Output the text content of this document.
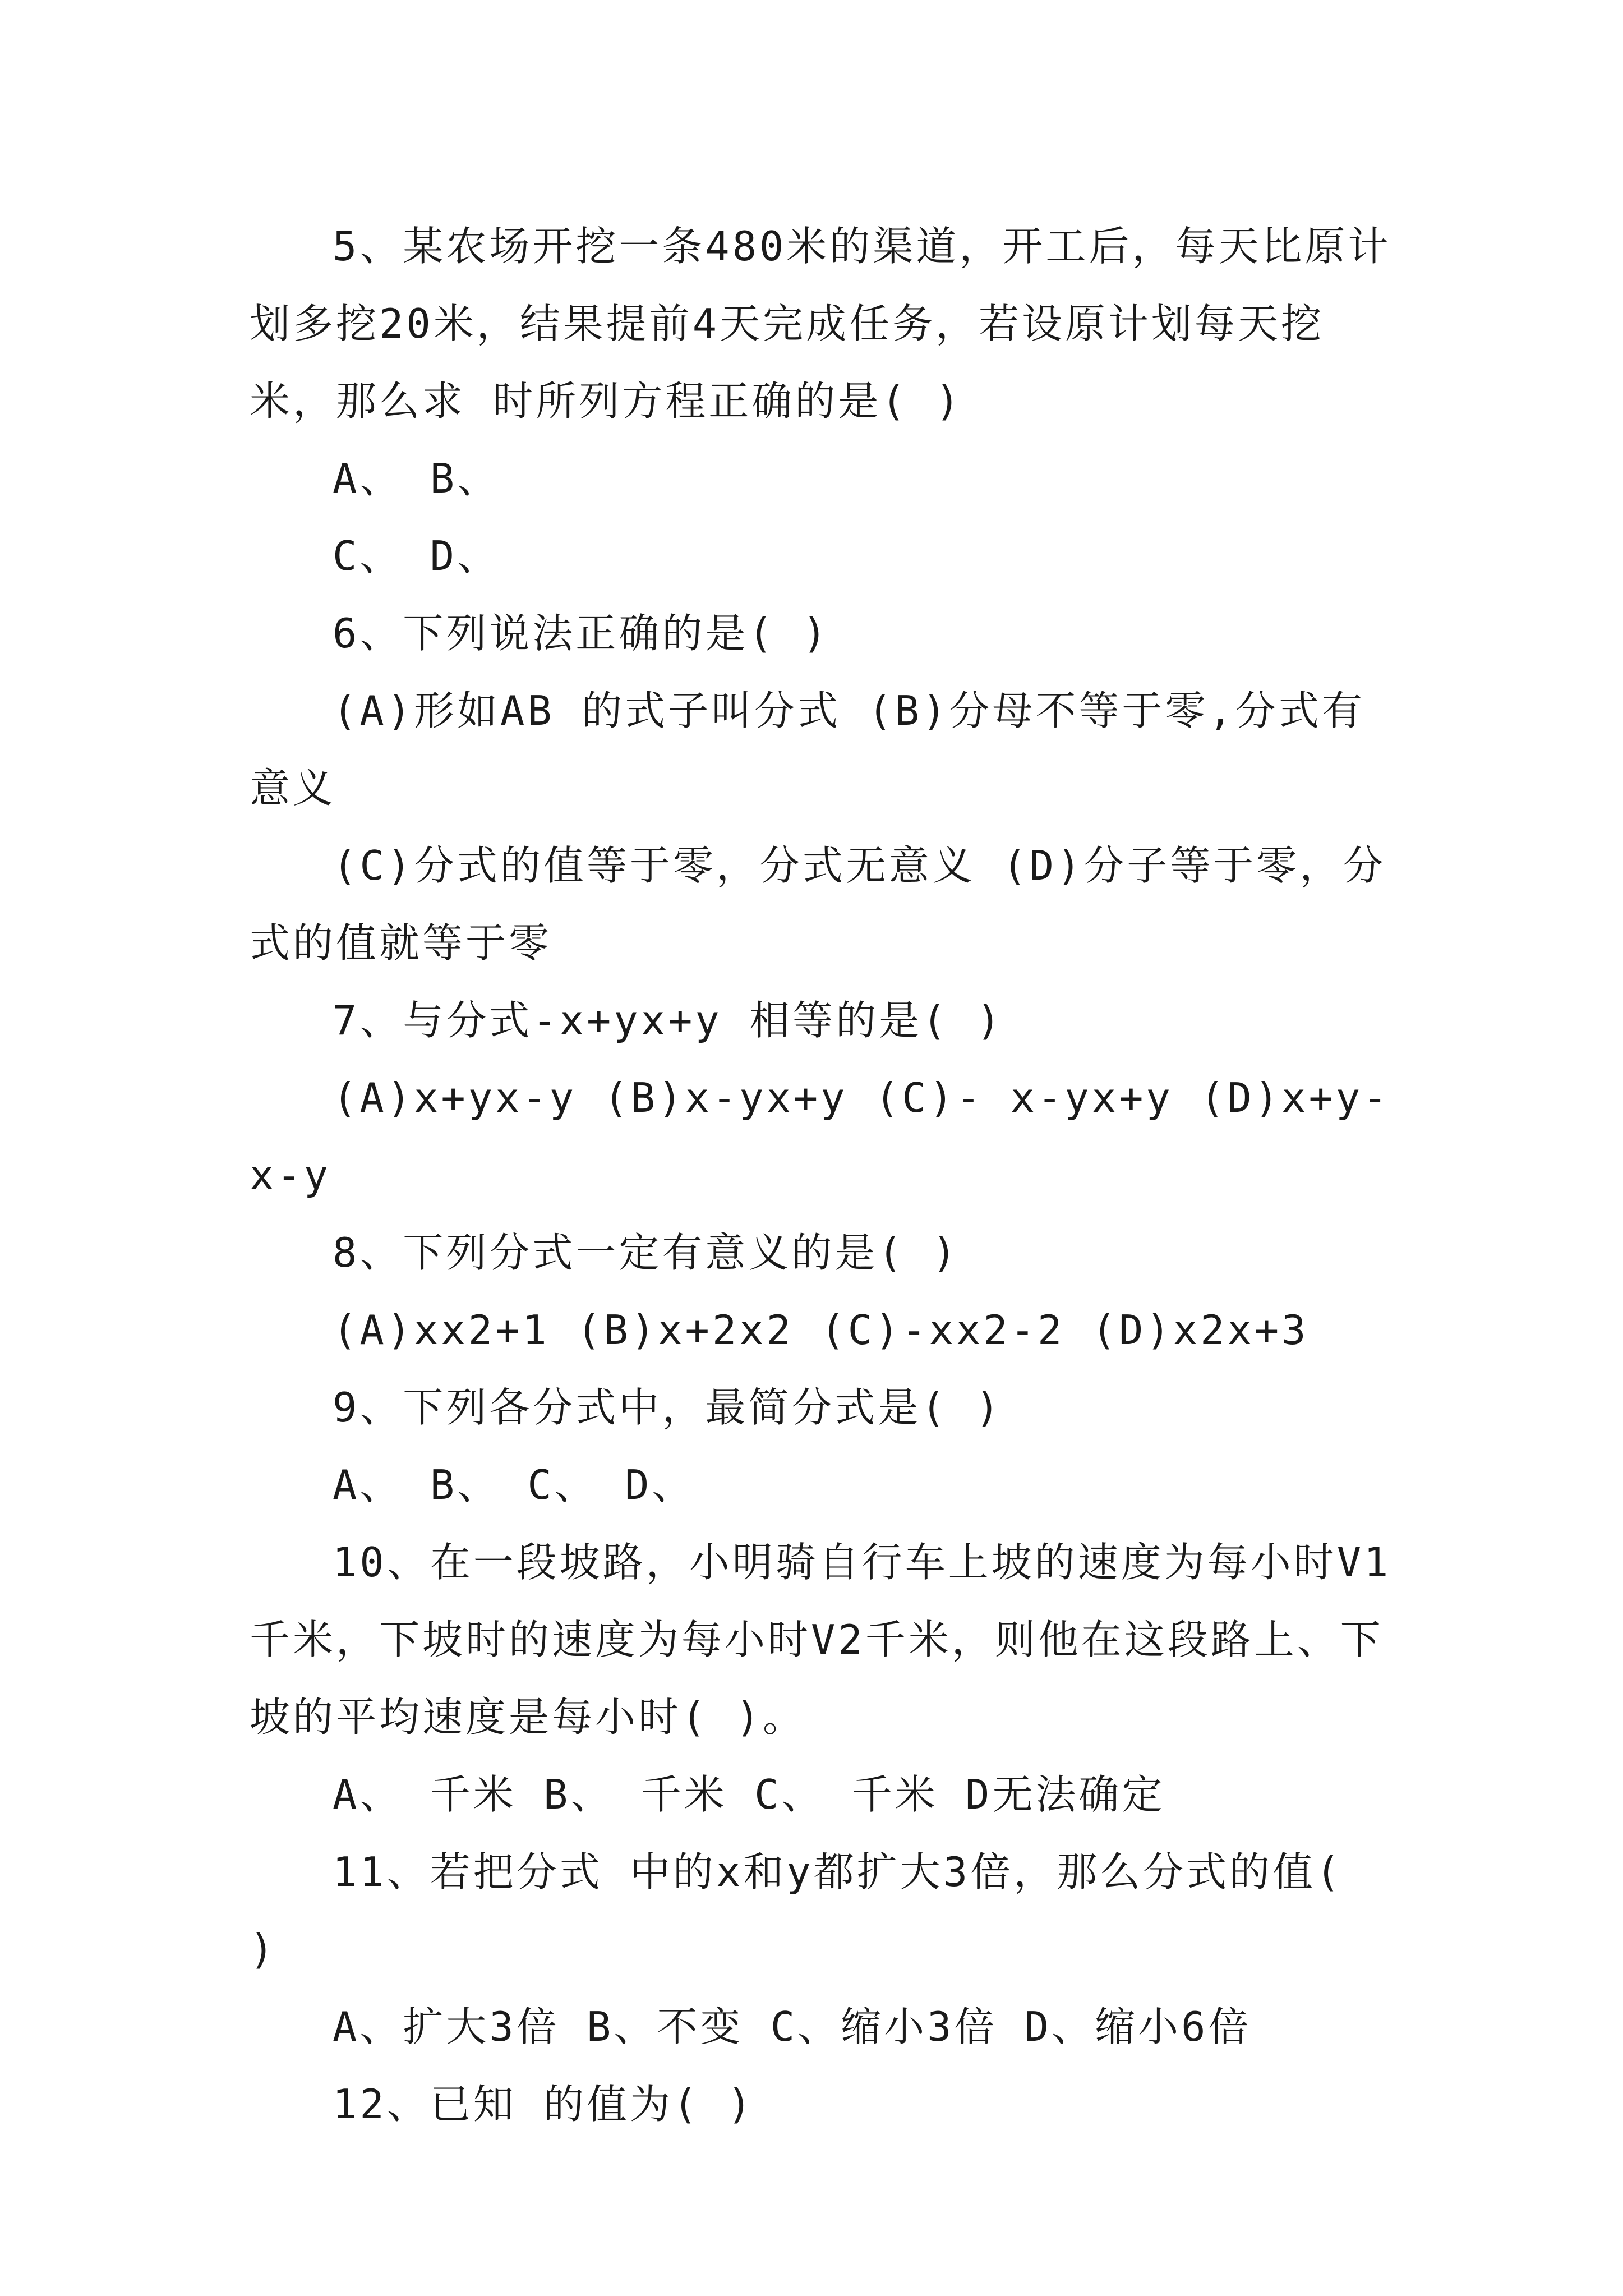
5、某农场开挖一条480米的渠道，开工后，每天比原计划多挖20米，结果提前4天完成任务，若设原计划每天挖 米，那么求 时所列方程正确的是( )

A、 B、

C、 D、

6、下列说法正确的是( )

(A)形如AB 的式子叫分式 (B)分母不等于零,分式有意义

(C)分式的值等于零，分式无意义 (D)分子等于零，分式的值就等于零

7、与分式-x+yx+y 相等的是( )

(A)x+yx-y (B)x-yx+y (C)- x-yx+y (D)x+y-x-y

8、下列分式一定有意义的是( )

(A)xx2+1 (B)x+2x2 (C)-xx2-2 (D)x2x+3

9、下列各分式中，最简分式是( )

A、 B、 C、 D、

10、在一段坡路，小明骑自行车上坡的速度为每小时V1千米，下坡时的速度为每小时V2千米，则他在这段路上、下坡的平均速度是每小时( )。

A、 千米 B、 千米 C、 千米 D无法确定

11、若把分式 中的x和y都扩大3倍，那么分式的值( )

A、扩大3倍 B、不变 C、缩小3倍 D、缩小6倍

12、已知 的值为( )
